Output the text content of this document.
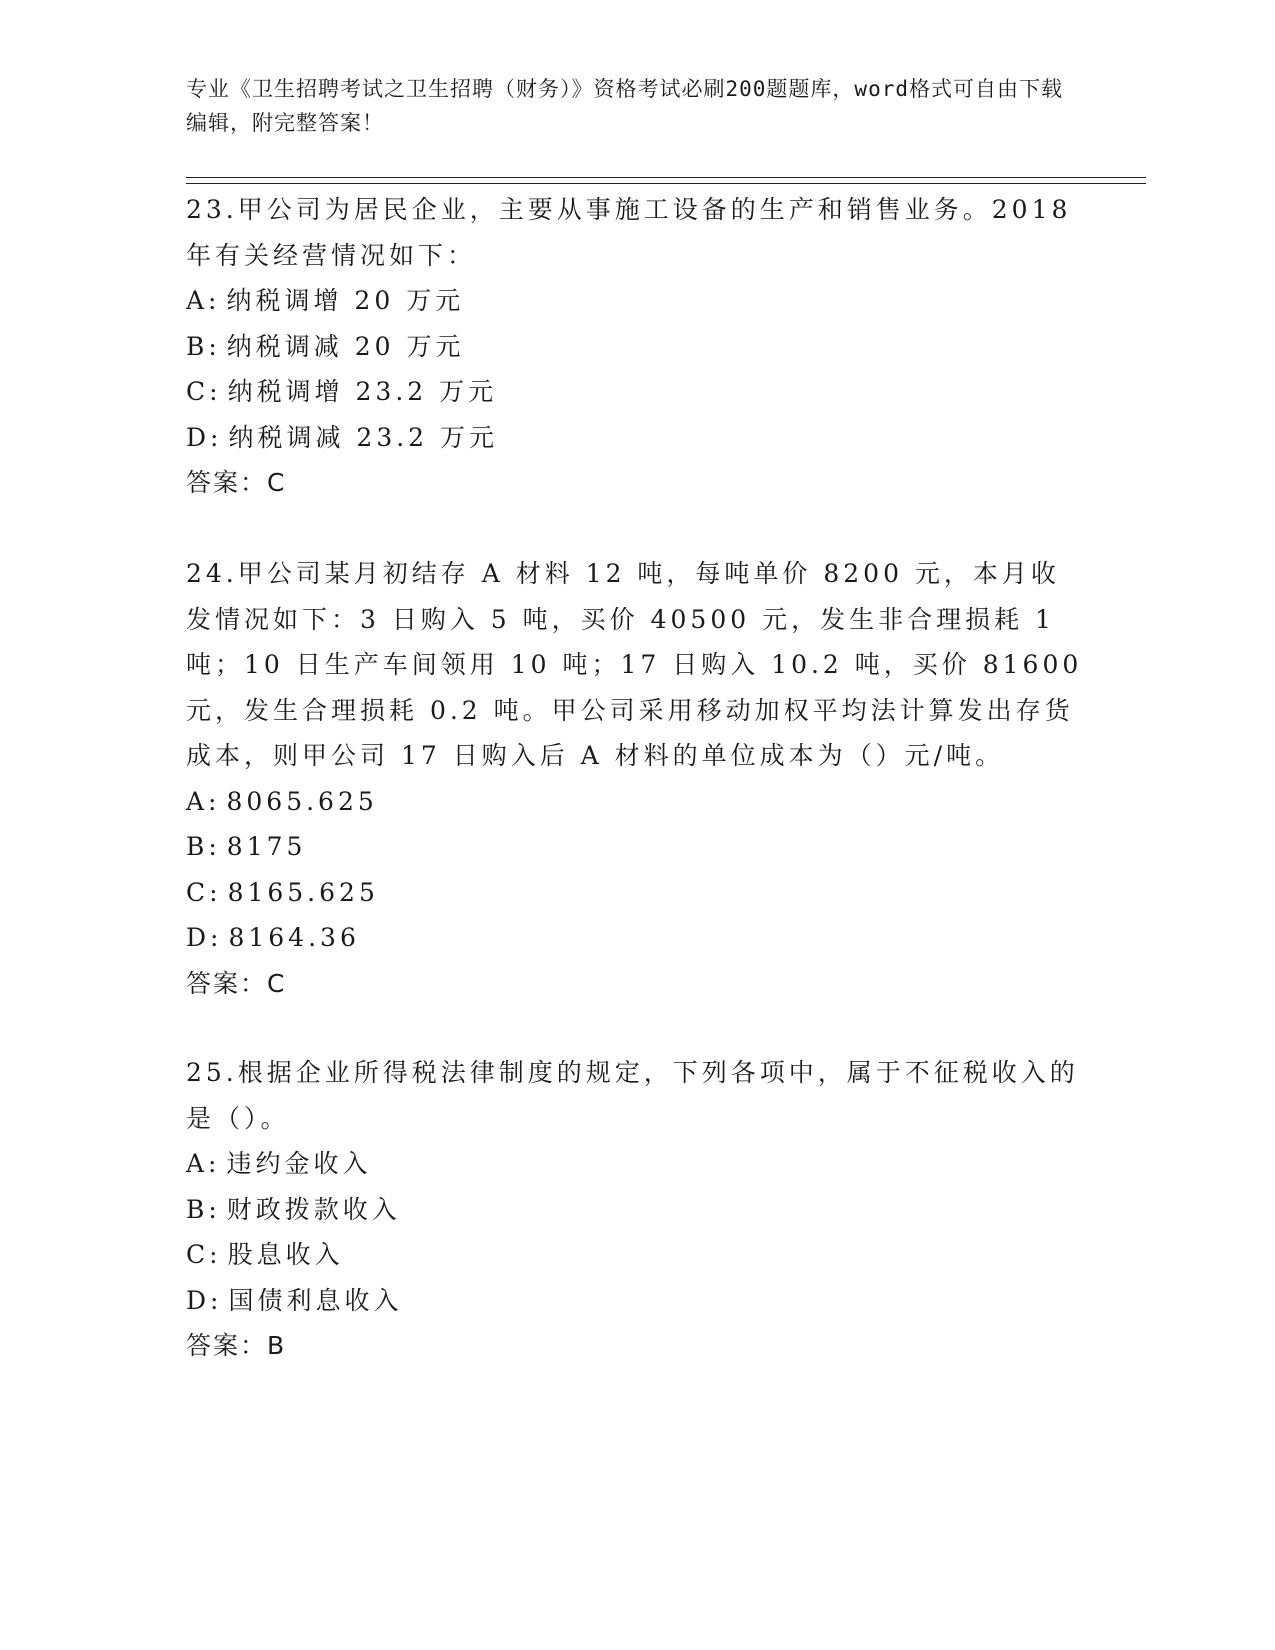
专业《卫生招聘考试之卫生招聘（财务）》资格考试必刷200题题库，word格式可自由下载编辑，附完整答案！

23.甲公司为居民企业，主要从事施工设备的生产和销售业务。2018 年有关经营情况如下：

A: 纳税调增 20 万元

B: 纳税调减 20 万元

C: 纳税调增 23.2 万元

D: 纳税调减 23.2 万元

答案：C

24.甲公司某月初结存 A 材料 12 吨，每吨单价 8200 元，本月收发情况如下：3 日购入 5 吨，买价 40500 元，发生非合理损耗 1 吨；10 日生产车间领用 10 吨；17 日购入 10.2 吨，买价 81600 元，发生合理损耗 0.2 吨。甲公司采用移动加权平均法计算发出存货成本，则甲公司 17 日购入后 A 材料的单位成本为（）元/吨。

A: 8065.625

B: 8175

C: 8165.625

D: 8164.36

答案：C

25.根据企业所得税法律制度的规定，下列各项中，属于不征税收入的是（）。

A: 违约金收入

B: 财政拨款收入

C: 股息收入

D: 国债利息收入

答案：B
